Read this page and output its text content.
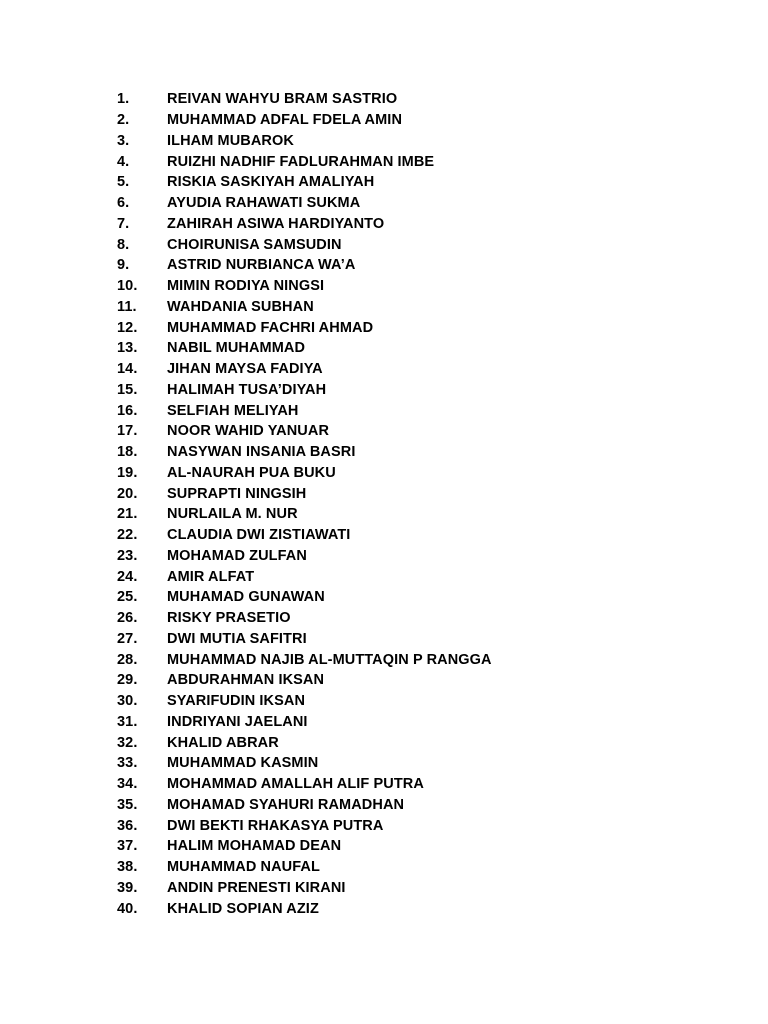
1.	REIVAN WAHYU BRAM SASTRIO
2.	MUHAMMAD ADFAL FDELA AMIN
3.	ILHAM MUBAROK
4.	RUIZHI NADHIF FADLURAHMAN IMBE
5.	RISKIA SASKIYAH AMALIYAH
6.	AYUDIA RAHAWATI SUKMA
7.	ZAHIRAH ASIWA HARDIYANTO
8.	CHOIRUNISA SAMSUDIN
9.	ASTRID NURBIANCA WA’A
10.	MIMIN RODIYA NINGSI
11.	WAHDANIA SUBHAN
12.	MUHAMMAD FACHRI AHMAD
13.	NABIL MUHAMMAD
14.	JIHAN MAYSA FADIYA
15.	HALIMAH TUSA’DIYAH
16.	SELFIAH MELIYAH
17.	NOOR WAHID YANUAR
18.	NASYWAN INSANIA BASRI
19.	AL-NAURAH PUA BUKU
20.	SUPRAPTI NINGSIH
21.	NURLAILA M. NUR
22.	CLAUDIA DWI ZISTIAWATI
23.	MOHAMAD ZULFAN
24.	AMIR ALFAT
25.	MUHAMAD GUNAWAN
26.	RISKY PRASETIO
27.	DWI MUTIA SAFITRI
28.	MUHAMMAD NAJIB AL-MUTTAQIN P RANGGA
29.	ABDURAHMAN IKSAN
30.	SYARIFUDIN IKSAN
31.	INDRIYANI JAELANI
32.	KHALID ABRAR
33.	MUHAMMAD KASMIN
34.	MOHAMMAD AMALLAH ALIF PUTRA
35.	MOHAMAD SYAHURI RAMADHAN
36.	DWI BEKTI RHAKASYA PUTRA
37.	HALIM MOHAMAD DEAN
38.	MUHAMMAD NAUFAL
39.	ANDIN PRENESTI KIRANI
40.	KHALID SOPIAN AZIZ
